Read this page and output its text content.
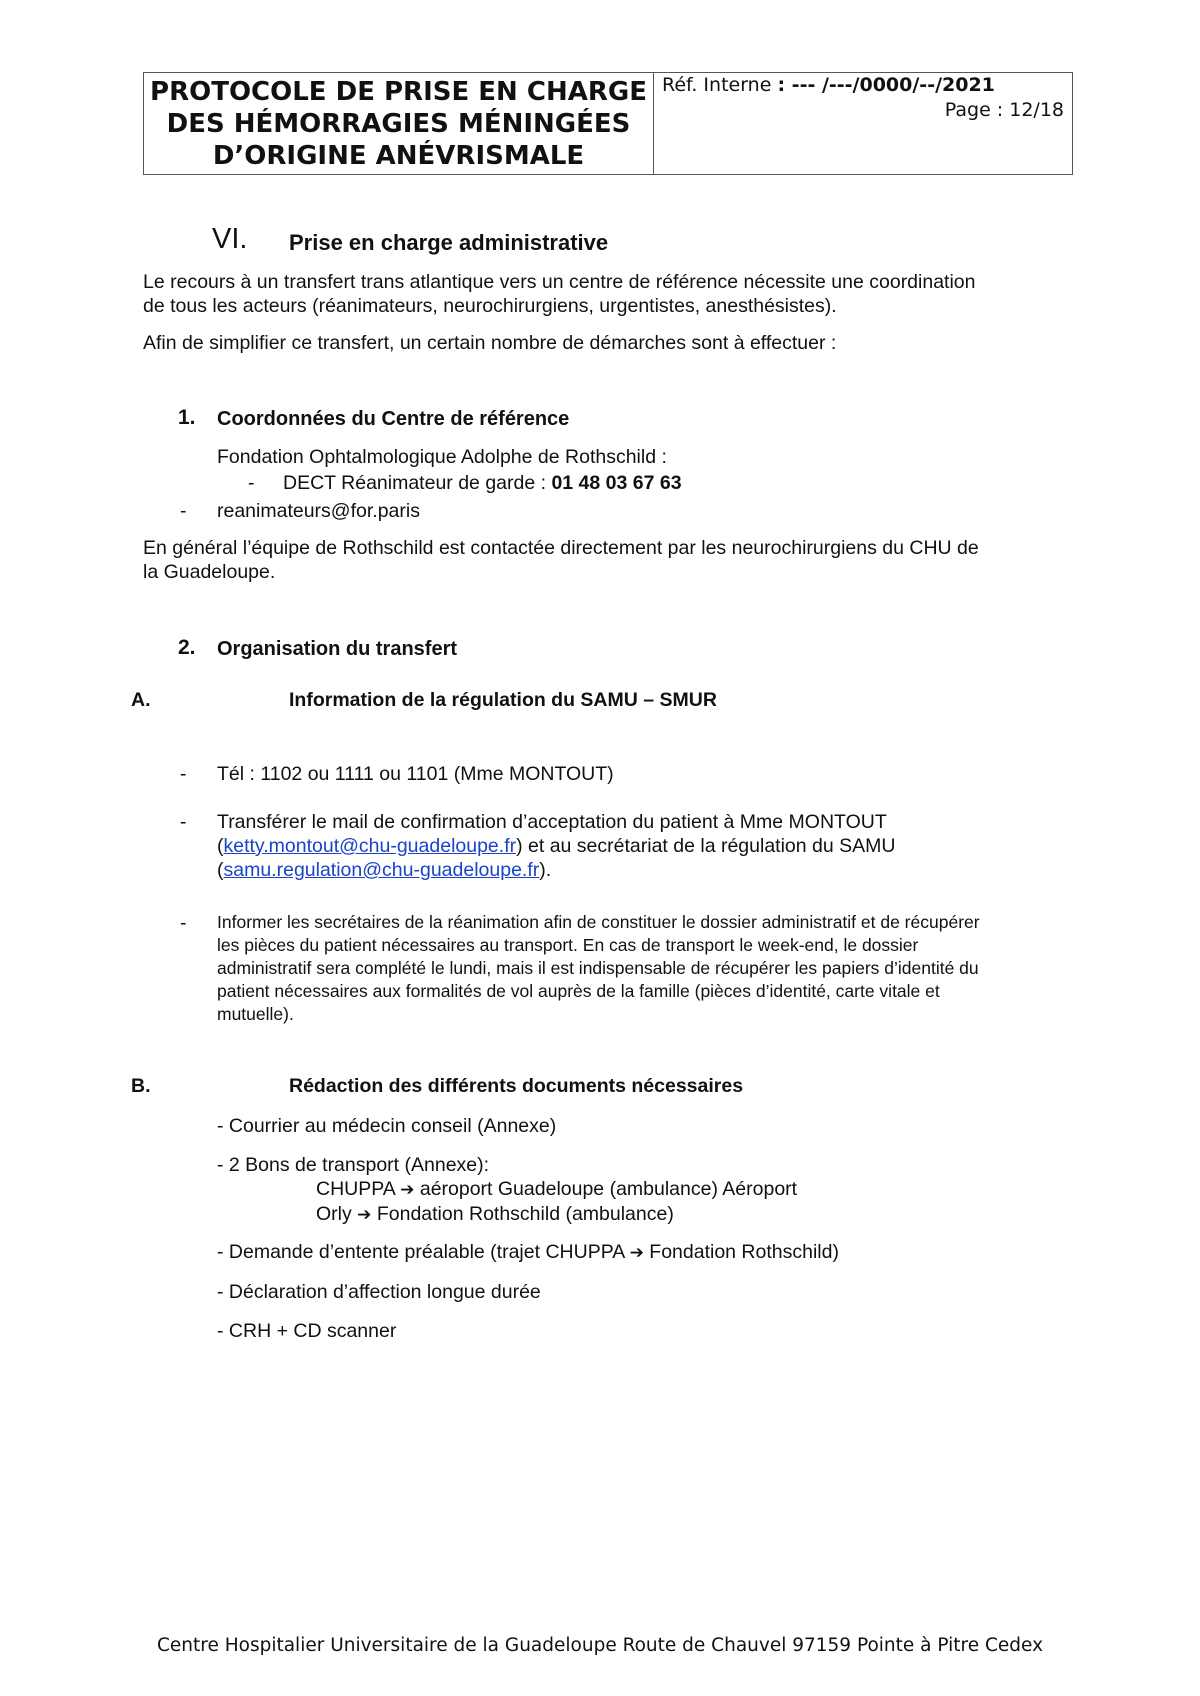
PROTOCOLE DE PRISE EN CHARGE
DES HÉMORRAGIES MÉNINGÉES
D’ORIGINE ANÉVRISMALE
Réf. Interne : --- /---/0000/--/2021
Page : 12/18
VI. Prise en charge administrative
Le recours à un transfert trans atlantique vers un centre de référence nécessite une coordination
de tous les acteurs (réanimateurs, neurochirurgiens, urgentistes, anesthésistes).
Afin de simplifier ce transfert, un certain nombre de démarches sont à effectuer :
1. Coordonnées du Centre de référence
Fondation Ophtalmologique Adolphe de Rothschild :
- DECT Réanimateur de garde : 01 48 03 67 63
- reanimateurs@for.paris
En général l’équipe de Rothschild est contactée directement par les neurochirurgiens du CHU de
la Guadeloupe.
2. Organisation du transfert
A.	Information de la régulation du SAMU – SMUR
- Tél : 1102 ou 1111 ou 1101 (Mme MONTOUT)
- Transférer le mail de confirmation d’acceptation du patient à Mme MONTOUT
(ketty.montout@chu-guadeloupe.fr) et au secrétariat de la régulation du SAMU
(samu.regulation@chu-guadeloupe.fr).
- Informer les secrétaires de la réanimation afin de constituer le dossier administratif et de récupérer
les pièces du patient nécessaires au transport. En cas de transport le week-end, le dossier
administratif sera complété le lundi, mais il est indispensable de récupérer les papiers d’identité du
patient nécessaires aux formalités de vol auprès de la famille (pièces d’identité, carte vitale et
mutuelle).
B.	Rédaction des différents documents nécessaires
- Courrier au médecin conseil (Annexe)
- 2 Bons de transport (Annexe):
CHUPPA ➔ aéroport Guadeloupe (ambulance) Aéroport
Orly ➔ Fondation Rothschild (ambulance)
- Demande d’entente préalable (trajet CHUPPA ➔ Fondation Rothschild)
- Déclaration d’affection longue durée
- CRH + CD scanner
Centre Hospitalier Universitaire de la Guadeloupe Route de Chauvel 97159 Pointe à Pitre Cedex
